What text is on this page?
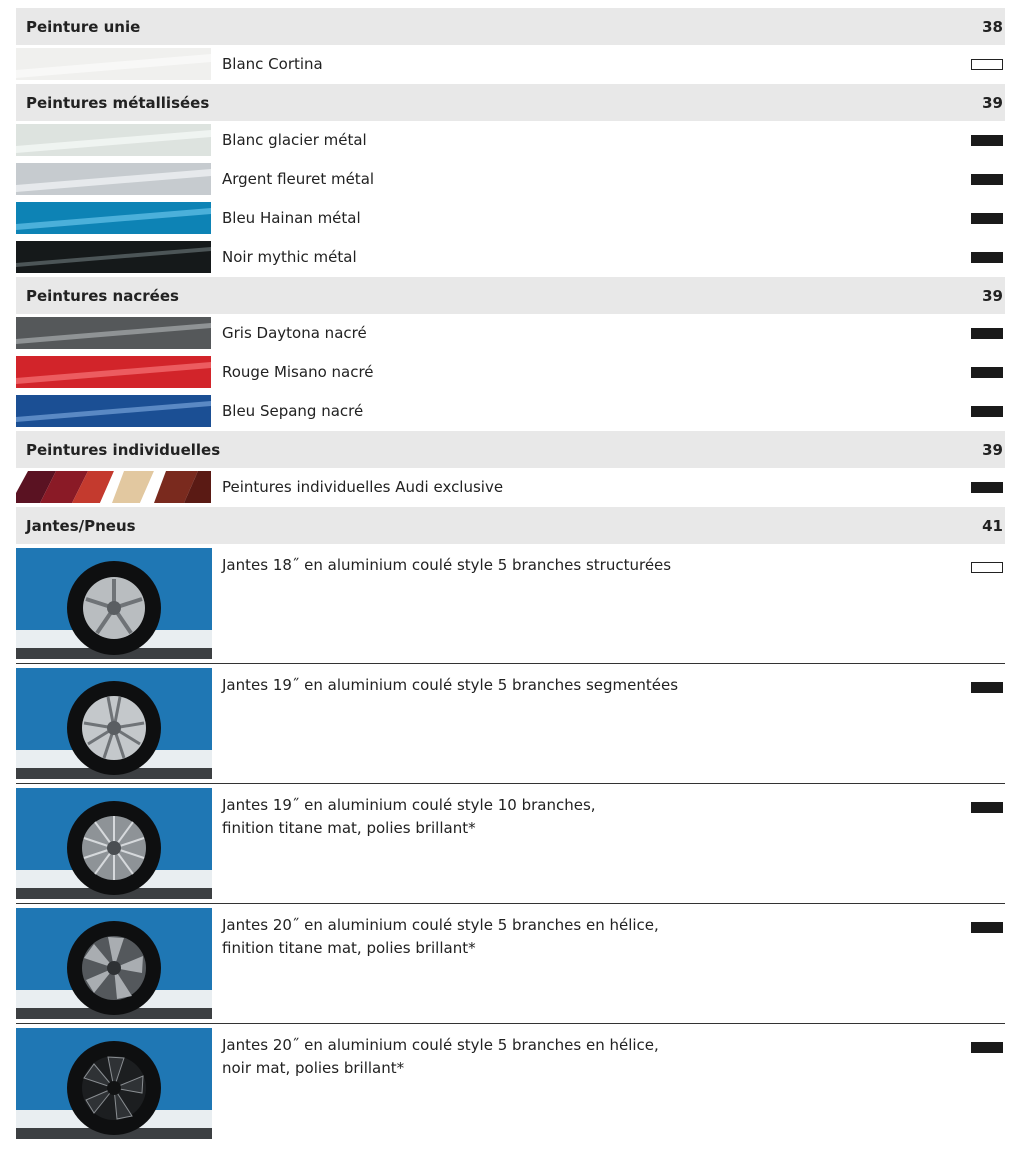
Peinture unie	38
Blanc Cortina
Peintures métallisées	39
Blanc glacier métal
Argent fleuret métal
Bleu Hainan métal
Noir mythic métal
Peintures nacrées	39
Gris Daytona nacré
Rouge Misano nacré
Bleu Sepang nacré
Peintures individuelles	39
Peintures individuelles Audi exclusive
Jantes/Pneus	41
Jantes 18˝ en aluminium coulé style 5 branches structurées
Jantes 19˝ en aluminium coulé style 5 branches segmentées
Jantes 19˝ en aluminium coulé style 10 branches,
finition titane mat, polies brillant*
Jantes 20˝ en aluminium coulé style 5 branches en hélice,
finition titane mat, polies brillant*
Jantes 20˝ en aluminium coulé style 5 branches en hélice,
noir mat, polies brillant*
